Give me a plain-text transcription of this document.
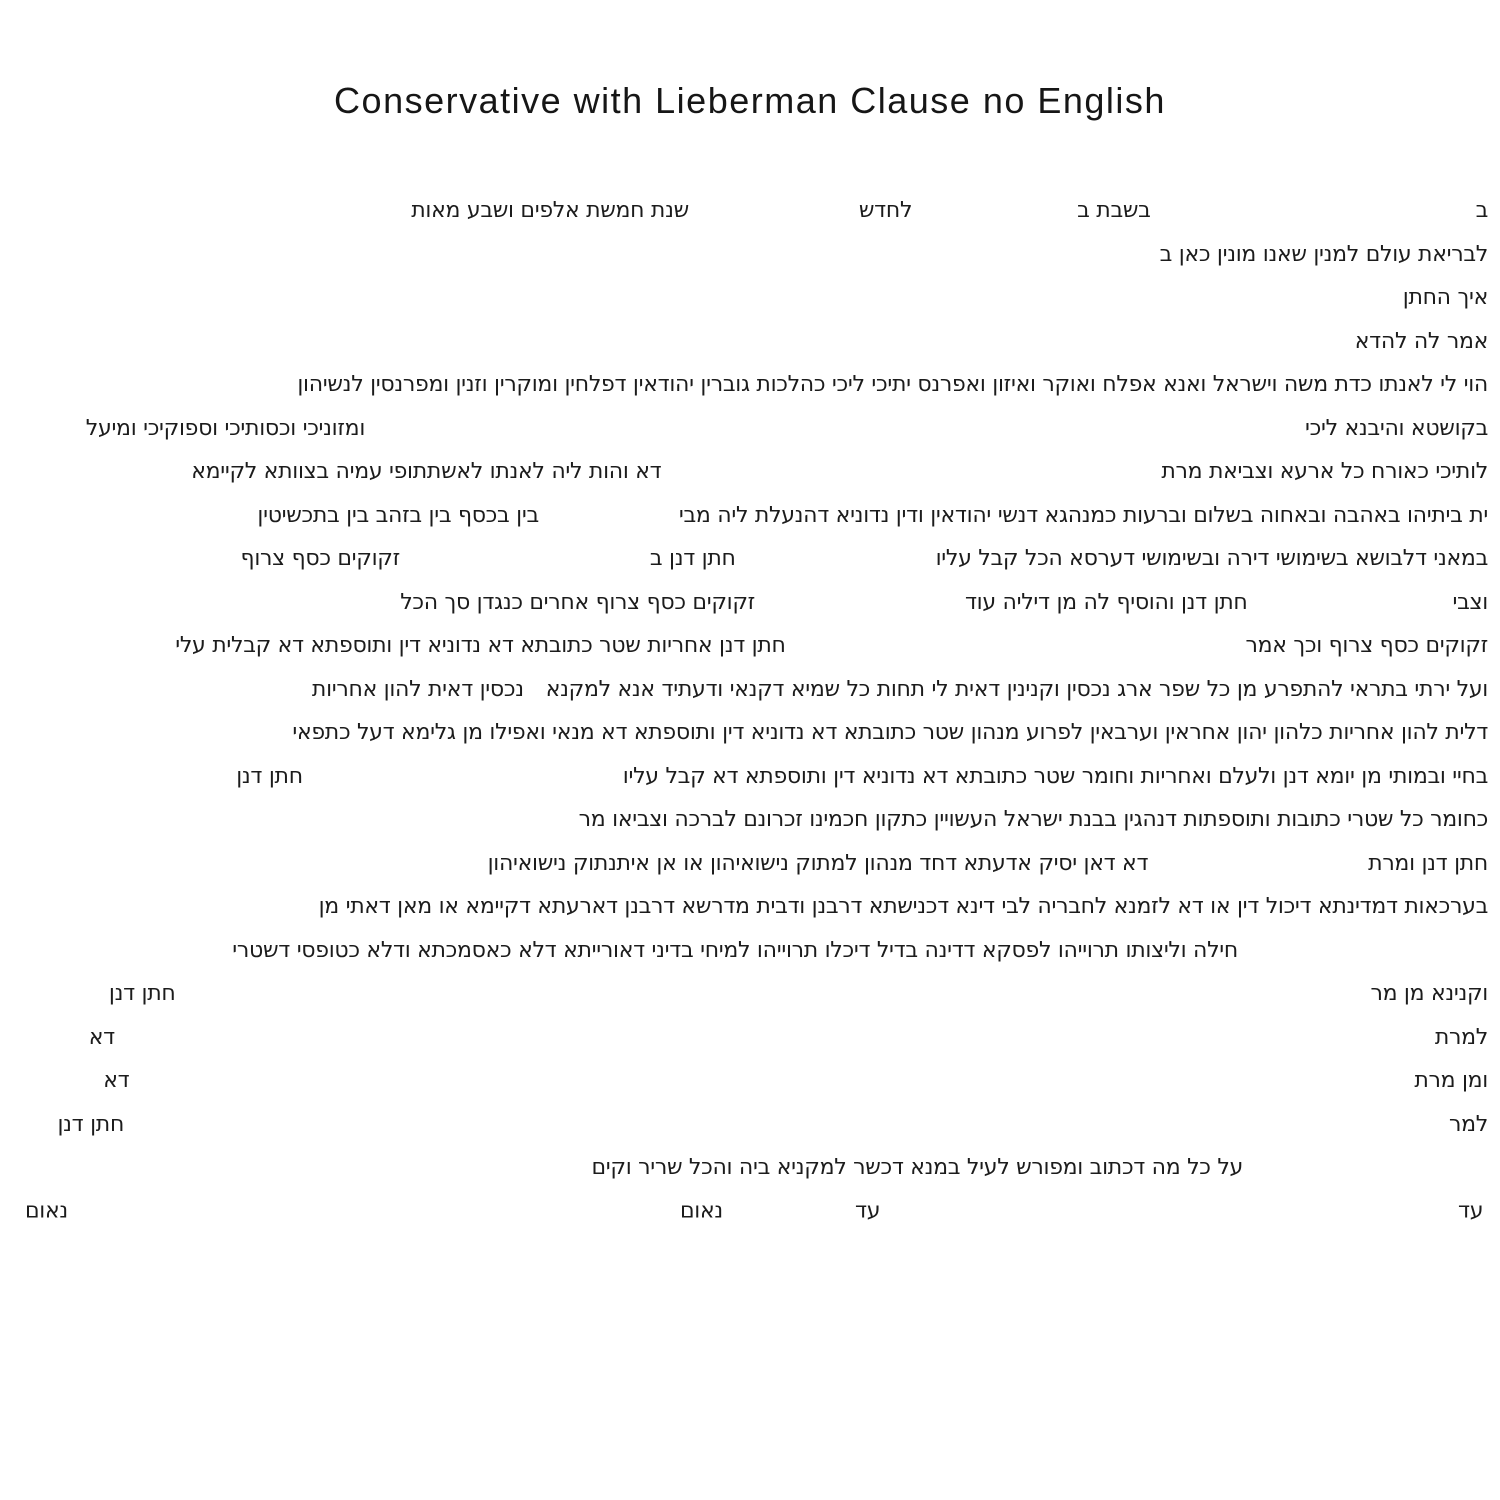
Conservative with Lieberman Clause no English
ב
בשבת ב
לחדש
שנת חמשת אלפים ושבע מאות
לבריאת עולם למנין שאנו מונין כאן ב
איך החתן
אמר לה להדא
הוי לי לאנתו כדת משה וישראל ואנא אפלח ואוקר ואיזון ואפרנס יתיכי ליכי כהלכות גוברין יהודאין דפלחין ומוקרין וזנין ומפרנסין לנשיהון
בקושטא והיבנא ליכי
ומזוניכי וכסותיכי וספוקיכי ומיעל
לותיכי כאורח כל ארעא וצביאת מרת
דא והות ליה לאנתו לאשתתופי עמיה בצוותא לקיימא
ית ביתיהו באהבה ובאחוה בשלום וברעות כמנהגא דנשי יהודאין ודין נדוניא דהנעלת ליה מבי
בין בכסף בין בזהב בין בתכשיטין
במאני דלבושא בשימושי דירה ובשימושי דערסא הכל קבל עליו
חתן דנן ב
זקוקים כסף צרוף
וצבי
חתן דנן והוסיף לה מן דיליה עוד
זקוקים כסף צרוף אחרים כנגדן סך הכל
זקוקים כסף צרוף וכך אמר
חתן דנן אחריות שטר כתובתא דא נדוניא דין ותוספתא דא קבלית עלי
ועל ירתי בתראי להתפרע מן כל שפר ארג נכסין וקנינין דאית לי תחות כל שמיא דקנאי ודעתיד אנא למקנא
נכסין דאית להון אחריות
דלית להון אחריות כלהון יהון אחראין וערבאין לפרוע מנהון שטר כתובתא דא נדוניא דין ותוספתא דא מנאי ואפילו מן גלימא דעל כתפאי
בחיי ובמותי מן יומא דנן ולעלם ואחריות וחומר שטר כתובתא דא נדוניא דין ותוספתא דא קבל עליו
חתן דנן
כחומר כל שטרי כתובות ותוספתות דנהגין בבנת ישראל העשויין כתקון חכמינו זכרונם לברכה וצביאו מר
חתן דנן ומרת
דא דאן יסיק אדעתא דחד מנהון למתוק נישואיהון או אן איתנתוק נישואיהון
בערכאות דמדינתא דיכול דין או דא לזמנא לחבריה לבי דינא דכנישתא דרבנן ודבית מדרשא דרבנן דארעתא דקיימא או מאן דאתי מן
חילה וליצותו תרוייהו לפסקא דדינה בדיל דיכלו תרוייהו למיחי בדיני דאורייתא דלא כאסמכתא ודלא כטופסי דשטרי
וקנינא מן מר
חתן דנן
למרת
דא
ומן מרת
דא
למר
חתן דנן
על כל מה דכתוב ומפורש לעיל במנא דכשר למקניא ביה והכל שריר וקים
נאום	נאום	עד	עד
